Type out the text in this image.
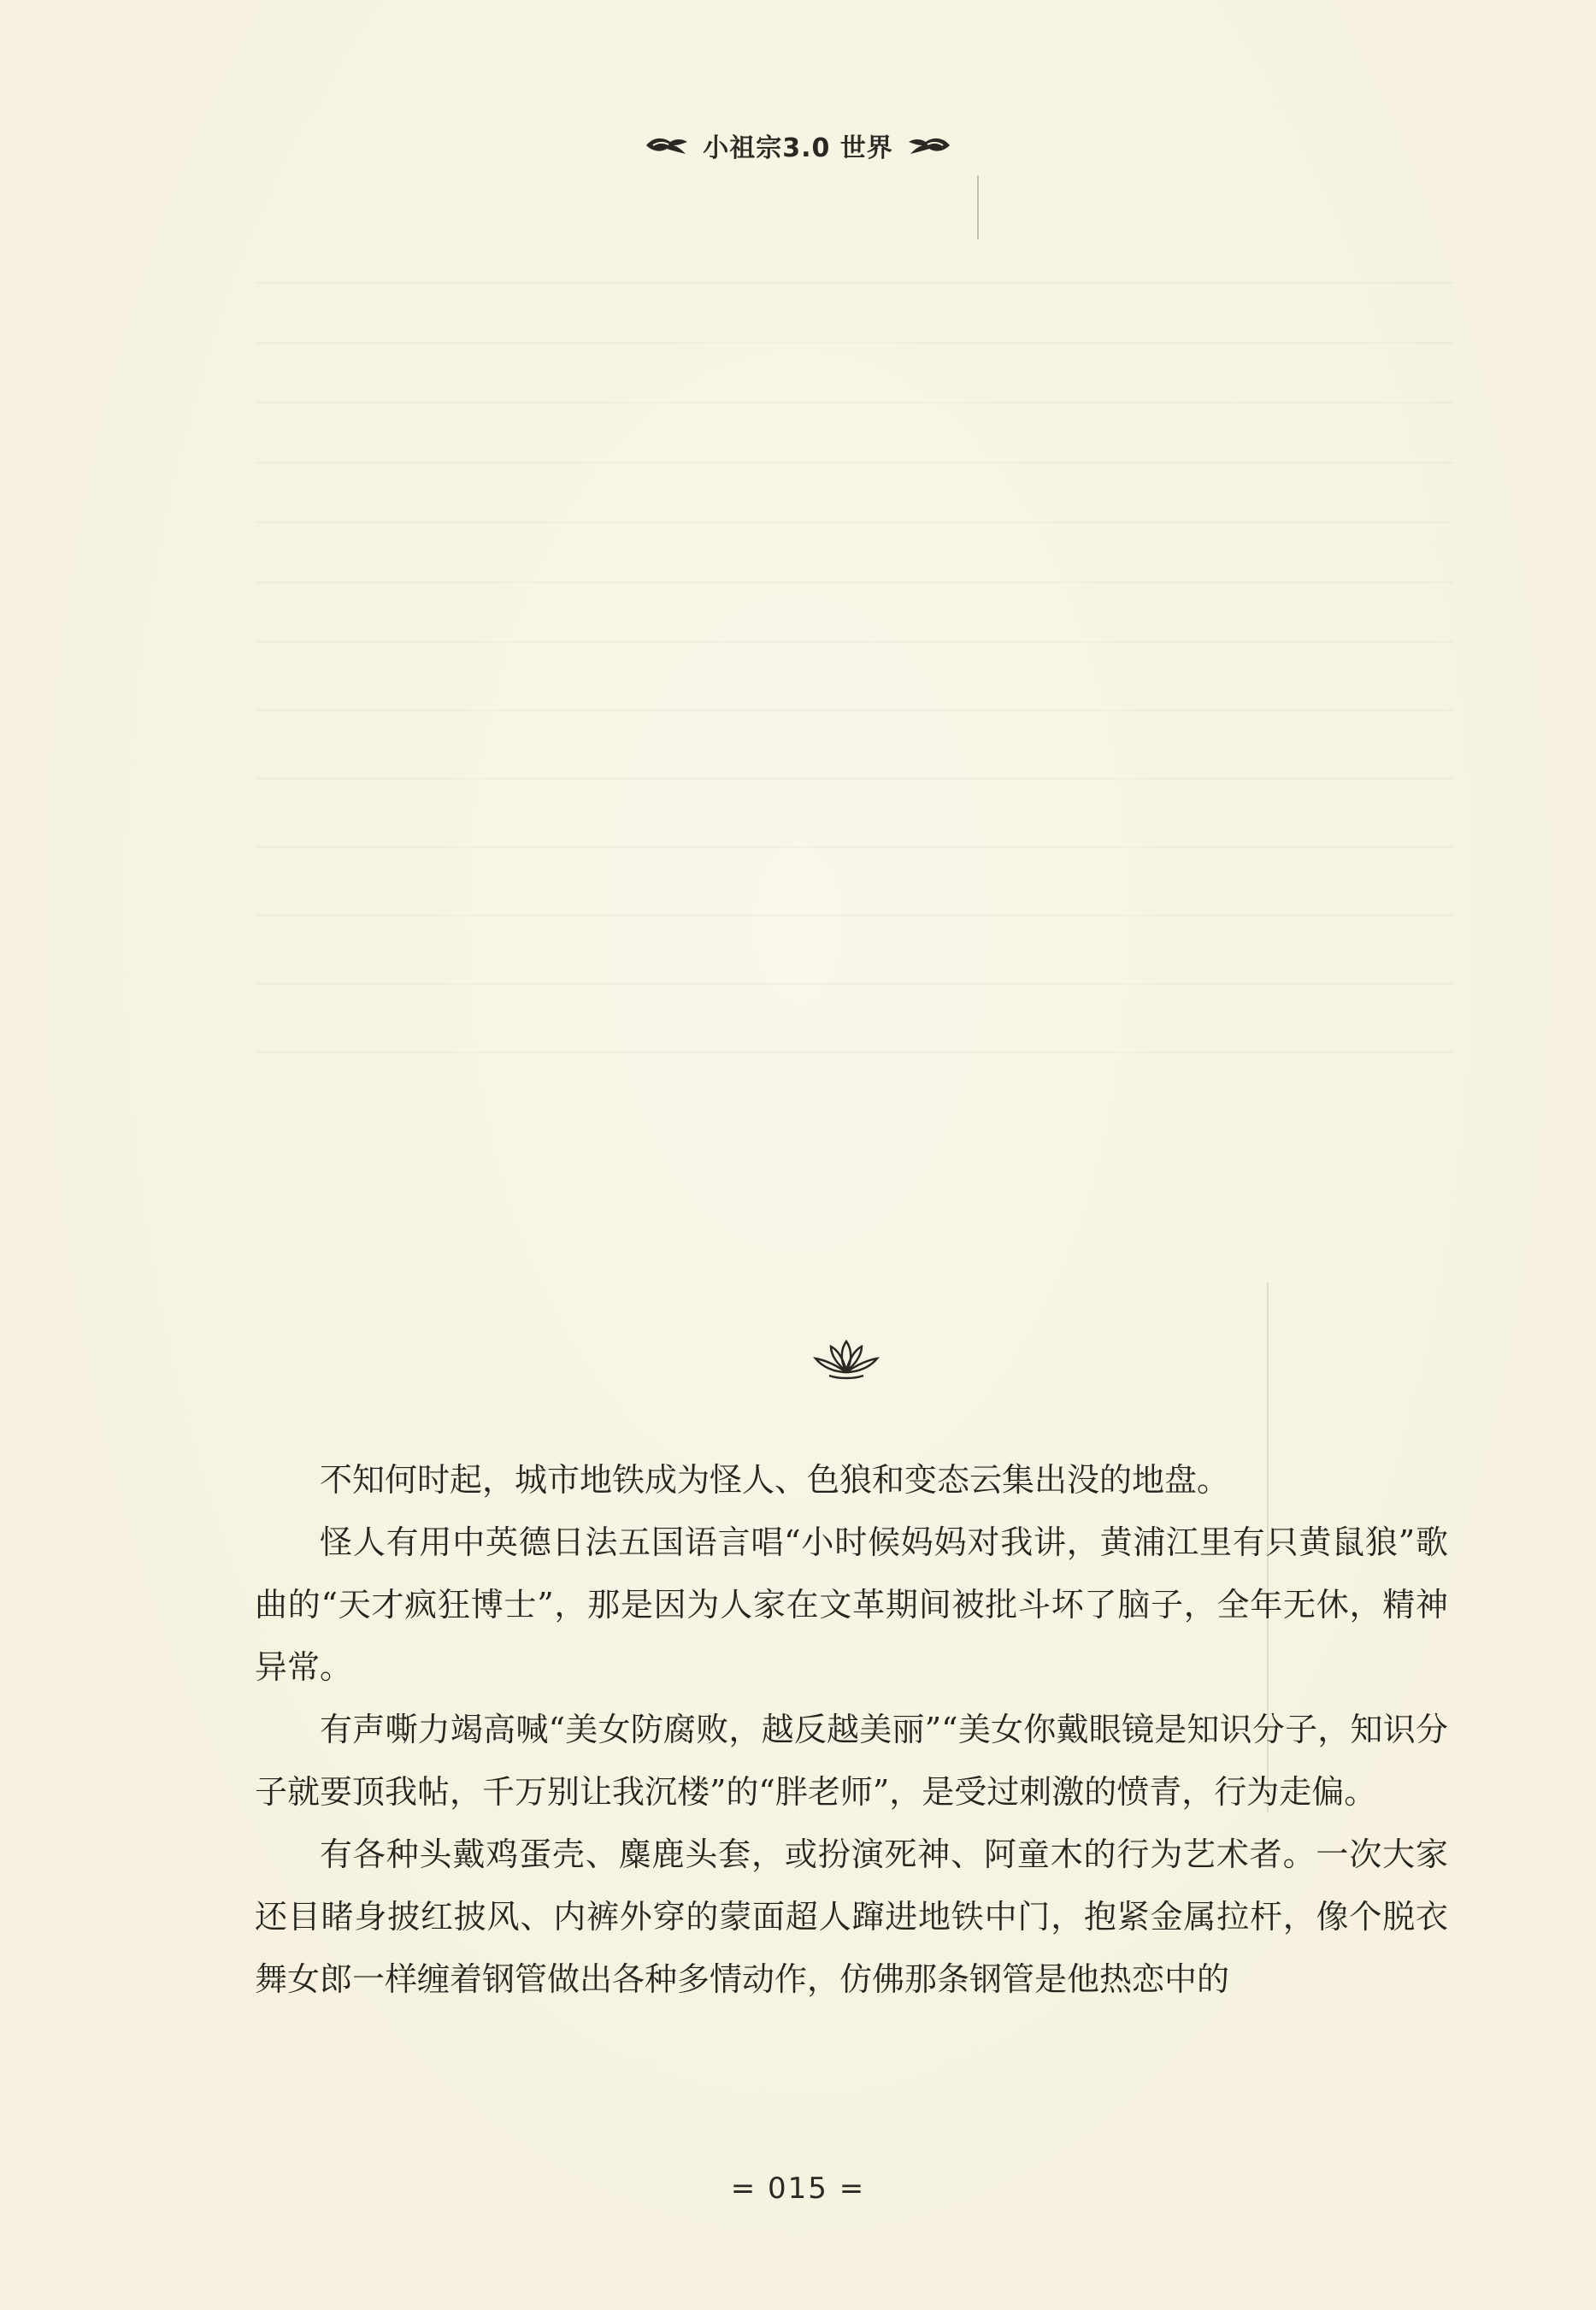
小祖宗3.0 世界

不知何时起，城市地铁成为怪人、色狼和变态云集出没的地盘。

怪人有用中英德日法五国语言唱“小时候妈妈对我讲，黄浦江里有只黄鼠狼”歌曲的“天才疯狂博士”，那是因为人家在文革期间被批斗坏了脑子，全年无休，精神异常。

有声嘶力竭高喊“美女防腐败，越反越美丽”“美女你戴眼镜是知识分子，知识分子就要顶我帖，千万别让我沉楼”的“胖老师”，是受过刺激的愤青，行为走偏。

有各种头戴鸡蛋壳、麋鹿头套，或扮演死神、阿童木的行为艺术者。一次大家还目睹身披红披风、内裤外穿的蒙面超人蹿进地铁中门，抱紧金属拉杆，像个脱衣舞女郎一样缠着钢管做出各种多情动作，仿佛那条钢管是他热恋中的

= 015 =
